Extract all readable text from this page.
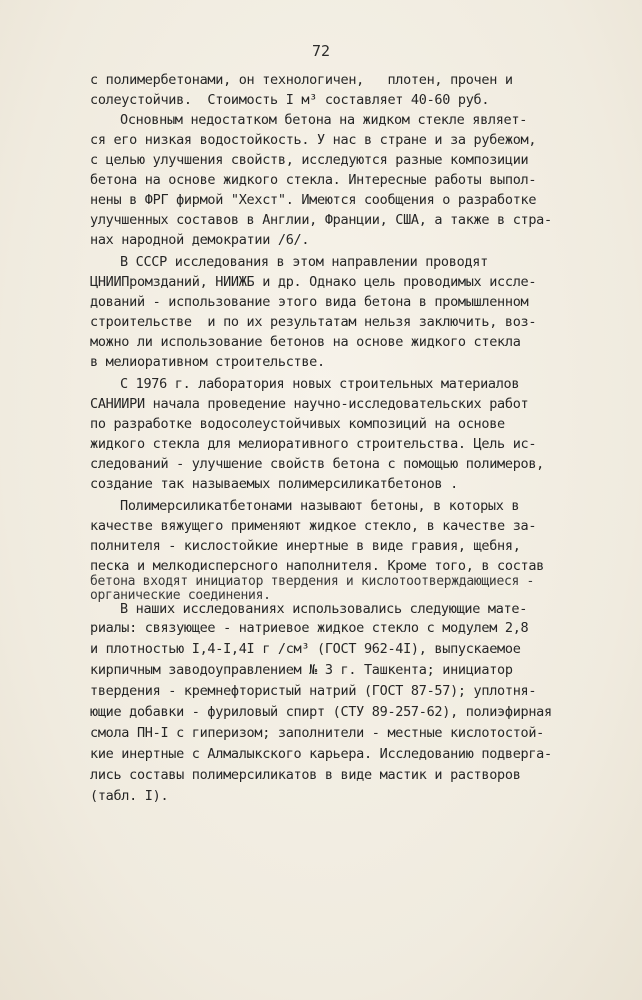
72
с полимербетонами, он технологичен,   плотен, прочен и
солеустойчив.  Стоимость I м³ составляет 40-60 руб.
Основным недостатком бетона на жидком стекле являет-
ся его низкая водостойкость. У нас в стране и за рубежом,
с целью улучшения свойств, исследуются разные композиции
бетона на основе жидкого стекла. Интересные работы выпол-
нены в ФРГ фирмой "Хехст". Имеются сообщения о разработке
улучшенных составов в Англии, Франции, США, а также в стра-
нах народной демократии /6/.
В СССР исследования в этом направлении проводят
ЦНИИПромзданий, НИИЖБ и др. Однако цель проводимых иссле-
дований - использование этого вида бетона в промышленном
строительстве  и по их результатам нельзя заключить, воз-
можно ли использование бетонов на основе жидкого стекла
в мелиоративном строительстве.
С 1976 г. лаборатория новых строительных материалов
САНИИРИ начала проведение научно-исследовательских работ
по разработке водосолеустойчивых композиций на основе
жидкого стекла для мелиоративного строительства. Цель ис-
следований - улучшение свойств бетона с помощью полимеров,
создание так называемых полимерсиликатбетонов .
Полимерсиликатбетонами называют бетоны, в которых в
качестве вяжущего применяют жидкое стекло, в качестве за-
полнителя - кислостойкие инертные в виде гравия, щебня,
песка и мелкодисперсного наполнителя. Кроме того, в состав
бетона входят инициатор твердения и кислотоотверждающиеся -
органические соединения.
В наших исследованиях использовались следующие мате-
риалы: связующее - натриевое жидкое стекло с модулем 2,8
и плотностью I,4-I,4I г /см³ (ГОСТ 962-4I), выпускаемое
кирпичным заводоуправлением № 3 г. Ташкента; инициатор
твердения - кремнефтористый натрий (ГОСТ 87-57); уплотня-
ющие добавки - фуриловый спирт (СТУ 89-257-62), полиэфирная
смола ПН-I с гиперизом; заполнители - местные кислотостой-
кие инертные с Алмалыкского карьера. Исследованию подверга-
лись составы полимерсиликатов в виде мастик и растворов
(табл. I).
